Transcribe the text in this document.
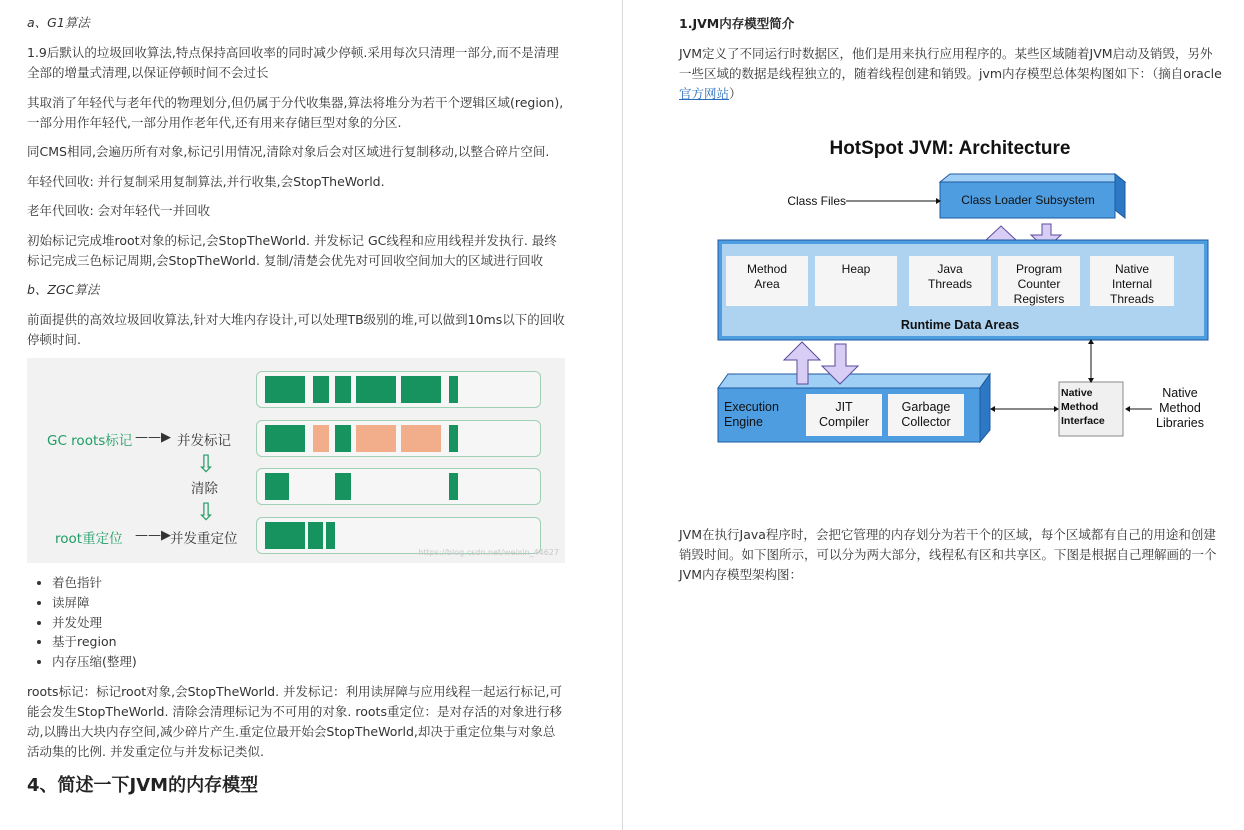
a、G1算法
1.9后默认的垃圾回收算法,特点保持高回收率的同时减少停顿.采用每次只清理一部分,而不是清理全部的增量式清理,以保证停顿时间不会过长
其取消了年轻代与老年代的物理划分,但仍属于分代收集器,算法将堆分为若干个逻辑区域(region),一部分用作年轻代,一部分用作老年代,还有用来存储巨型对象的分区.
同CMS相同,会遍历所有对象,标记引用情况,清除对象后会对区域进行复制移动,以整合碎片空间.
年轻代回收: 并行复制采用复制算法,并行收集,会StopTheWorld.
老年代回收: 会对年轻代一并回收
初始标记完成堆root对象的标记,会StopTheWorld. 并发标记 GC线程和应用线程并发执行. 最终标记完成三色标记周期,会StopTheWorld. 复制/清楚会优先对可回收空间加大的区域进行回收
b、ZGC算法
前面提供的高效垃圾回收算法,针对大堆内存设计,可以处理TB级别的堆,可以做到10ms以下的回收停顿时间.
GC roots标记 ——▶ 并发标记
⇩
清除
⇩
root重定位 ——▶ 并发重定位
https://blog.csdn.net/weixin_44627
• 着色指针
• 读屏障
• 并发处理
• 基于region
• 内存压缩(整理)
roots标记：标记root对象,会StopTheWorld. 并发标记：利用读屏障与应用线程一起运行标记,可能会发生StopTheWorld. 清除会清理标记为不可用的对象. roots重定位：是对存活的对象进行移动,以腾出大块内存空间,减少碎片产生.重定位最开始会StopTheWorld,却决于重定位集与对象总活动集的比例. 并发重定位与并发标记类似.
4、简述一下JVM的内存模型
1.JVM内存模型简介
JVM定义了不同运行时数据区，他们是用来执行应用程序的。某些区域随着JVM启动及销毁，另外一些区域的数据是线程独立的，随着线程创建和销毁。jvm内存模型总体架构图如下：（摘自oracle官方网站）
HotSpot JVM: Architecture
Class Files	Class Loader Subsystem
Method Area
Heap	Java Threads
Program Counter Registers
Native Internal Threads
Runtime Data Areas
Execution Engine
JIT Compiler
Garbage Collector
Native Method Interface
Native Method Libraries
JVM在执行Java程序时，会把它管理的内存划分为若干个的区域，每个区域都有自己的用途和创建销毁时间。如下图所示，可以分为两大部分，线程私有区和共享区。下图是根据自己理解画的一个JVM内存模型架构图：
